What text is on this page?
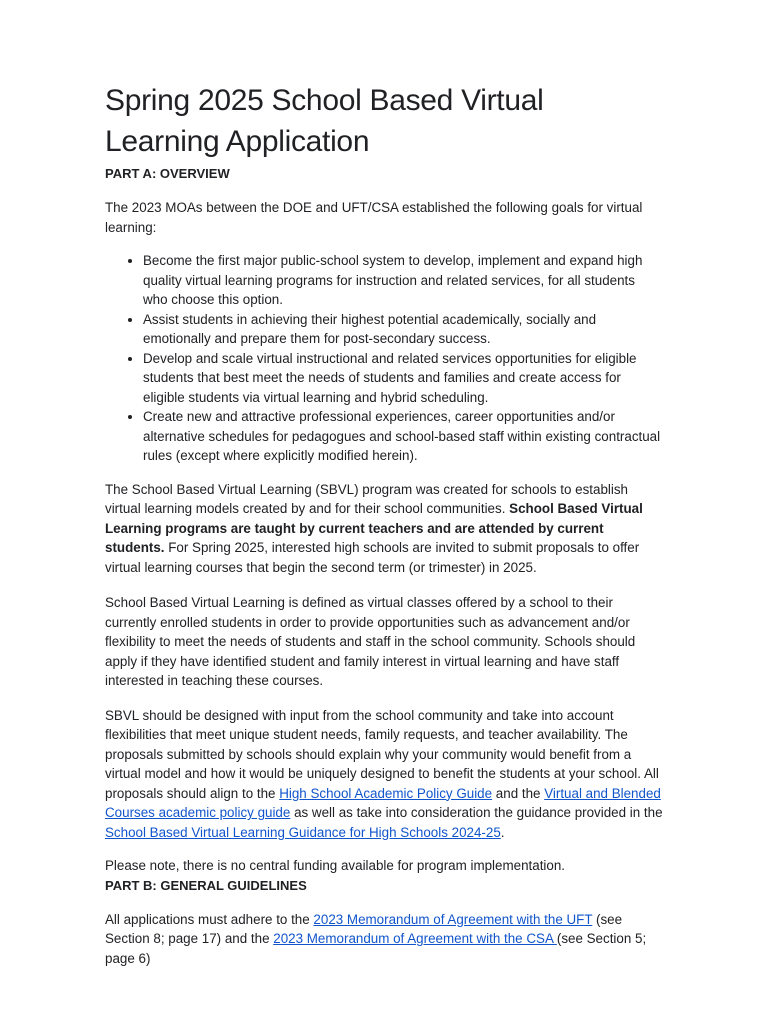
Spring 2025 School Based Virtual Learning Application
PART A: OVERVIEW

The 2023 MOAs between the DOE and UFT/CSA established the following goals for virtual learning:

• Become the first major public-school system to develop, implement and expand high quality virtual learning programs for instruction and related services, for all students who choose this option.
• Assist students in achieving their highest potential academically, socially and emotionally and prepare them for post-secondary success.
• Develop and scale virtual instructional and related services opportunities for eligible students that best meet the needs of students and families and create access for eligible students via virtual learning and hybrid scheduling.
• Create new and attractive professional experiences, career opportunities and/or alternative schedules for pedagogues and school-based staff within existing contractual rules (except where explicitly modified herein).

The School Based Virtual Learning (SBVL) program was created for schools to establish virtual learning models created by and for their school communities. School Based Virtual Learning programs are taught by current teachers and are attended by current students. For Spring 2025, interested high schools are invited to submit proposals to offer virtual learning courses that begin the second term (or trimester) in 2025.

School Based Virtual Learning is defined as virtual classes offered by a school to their currently enrolled students in order to provide opportunities such as advancement and/or flexibility to meet the needs of students and staff in the school community. Schools should apply if they have identified student and family interest in virtual learning and have staff interested in teaching these courses.

SBVL should be designed with input from the school community and take into account flexibilities that meet unique student needs, family requests, and teacher availability. The proposals submitted by schools should explain why your community would benefit from a virtual model and how it would be uniquely designed to benefit the students at your school. All proposals should align to the High School Academic Policy Guide and the Virtual and Blended Courses academic policy guide as well as take into consideration the guidance provided in the School Based Virtual Learning Guidance for High Schools 2024-25.

Please note, there is no central funding available for program implementation.

PART B: GENERAL GUIDELINES

All applications must adhere to the 2023 Memorandum of Agreement with the UFT (see Section 8; page 17) and the 2023 Memorandum of Agreement with the CSA (see Section 5; page 6)
